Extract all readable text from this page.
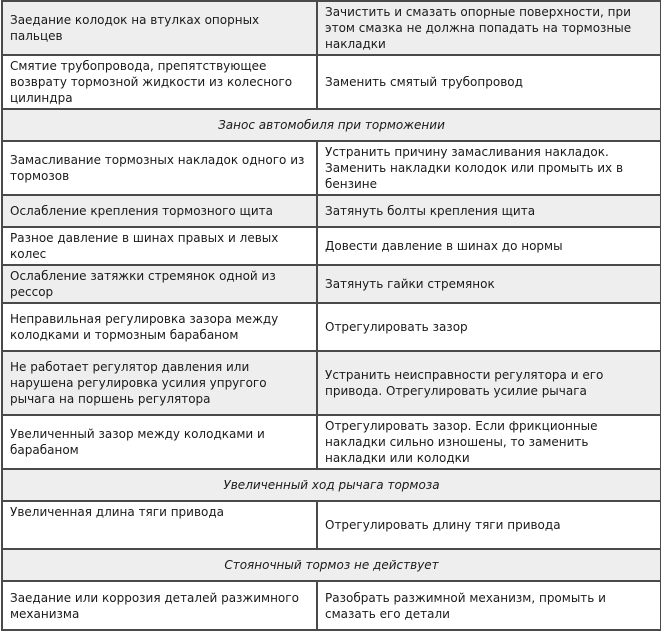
Заедание колодок на втулках опорных пальцев	Зачистить и смазать опорные поверхности, при этом смазка не должна попадать на тормозные накладки
Смятие трубопровода, препятствующее возврату тормозной жидкости из колесного цилиндра	Заменить смятый трубопровод
Занос автомобиля при торможении	
Замасливание тормозных накладок одного из тормозов	Устранить причину замасливания накладок. Заменить накладки колодок или промыть их в бензине
Ослабление крепления тормозного щита	Затянуть болты крепления щита
Разное давление в шинах правых и левых колес	Довести давление в шинах до нормы
Ослабление затяжки стремянок одной из рессор	Затянуть гайки стремянок
Неправильная регулировка зазора между колодками и тормозным барабаном	Отрегулировать зазор
Не работает регулятор давления или нарушена регулировка усилия упругого рычага на поршень регулятора	Устранить неисправности регулятора и его привода. Отрегулировать усилие рычага
Увеличенный зазор между колодками и барабаном	Отрегулировать зазор. Если фрикционные накладки сильно изношены, то заменить накладки или колодки
Увеличенный ход рычага тормоза	
Увеличенная длина тяги привода	Отрегулировать длину тяги привода
Стояночный тормоз не действует	
Заедание или коррозия деталей разжимного механизма	Разобрать разжимной механизм, промыть и смазать его детали
